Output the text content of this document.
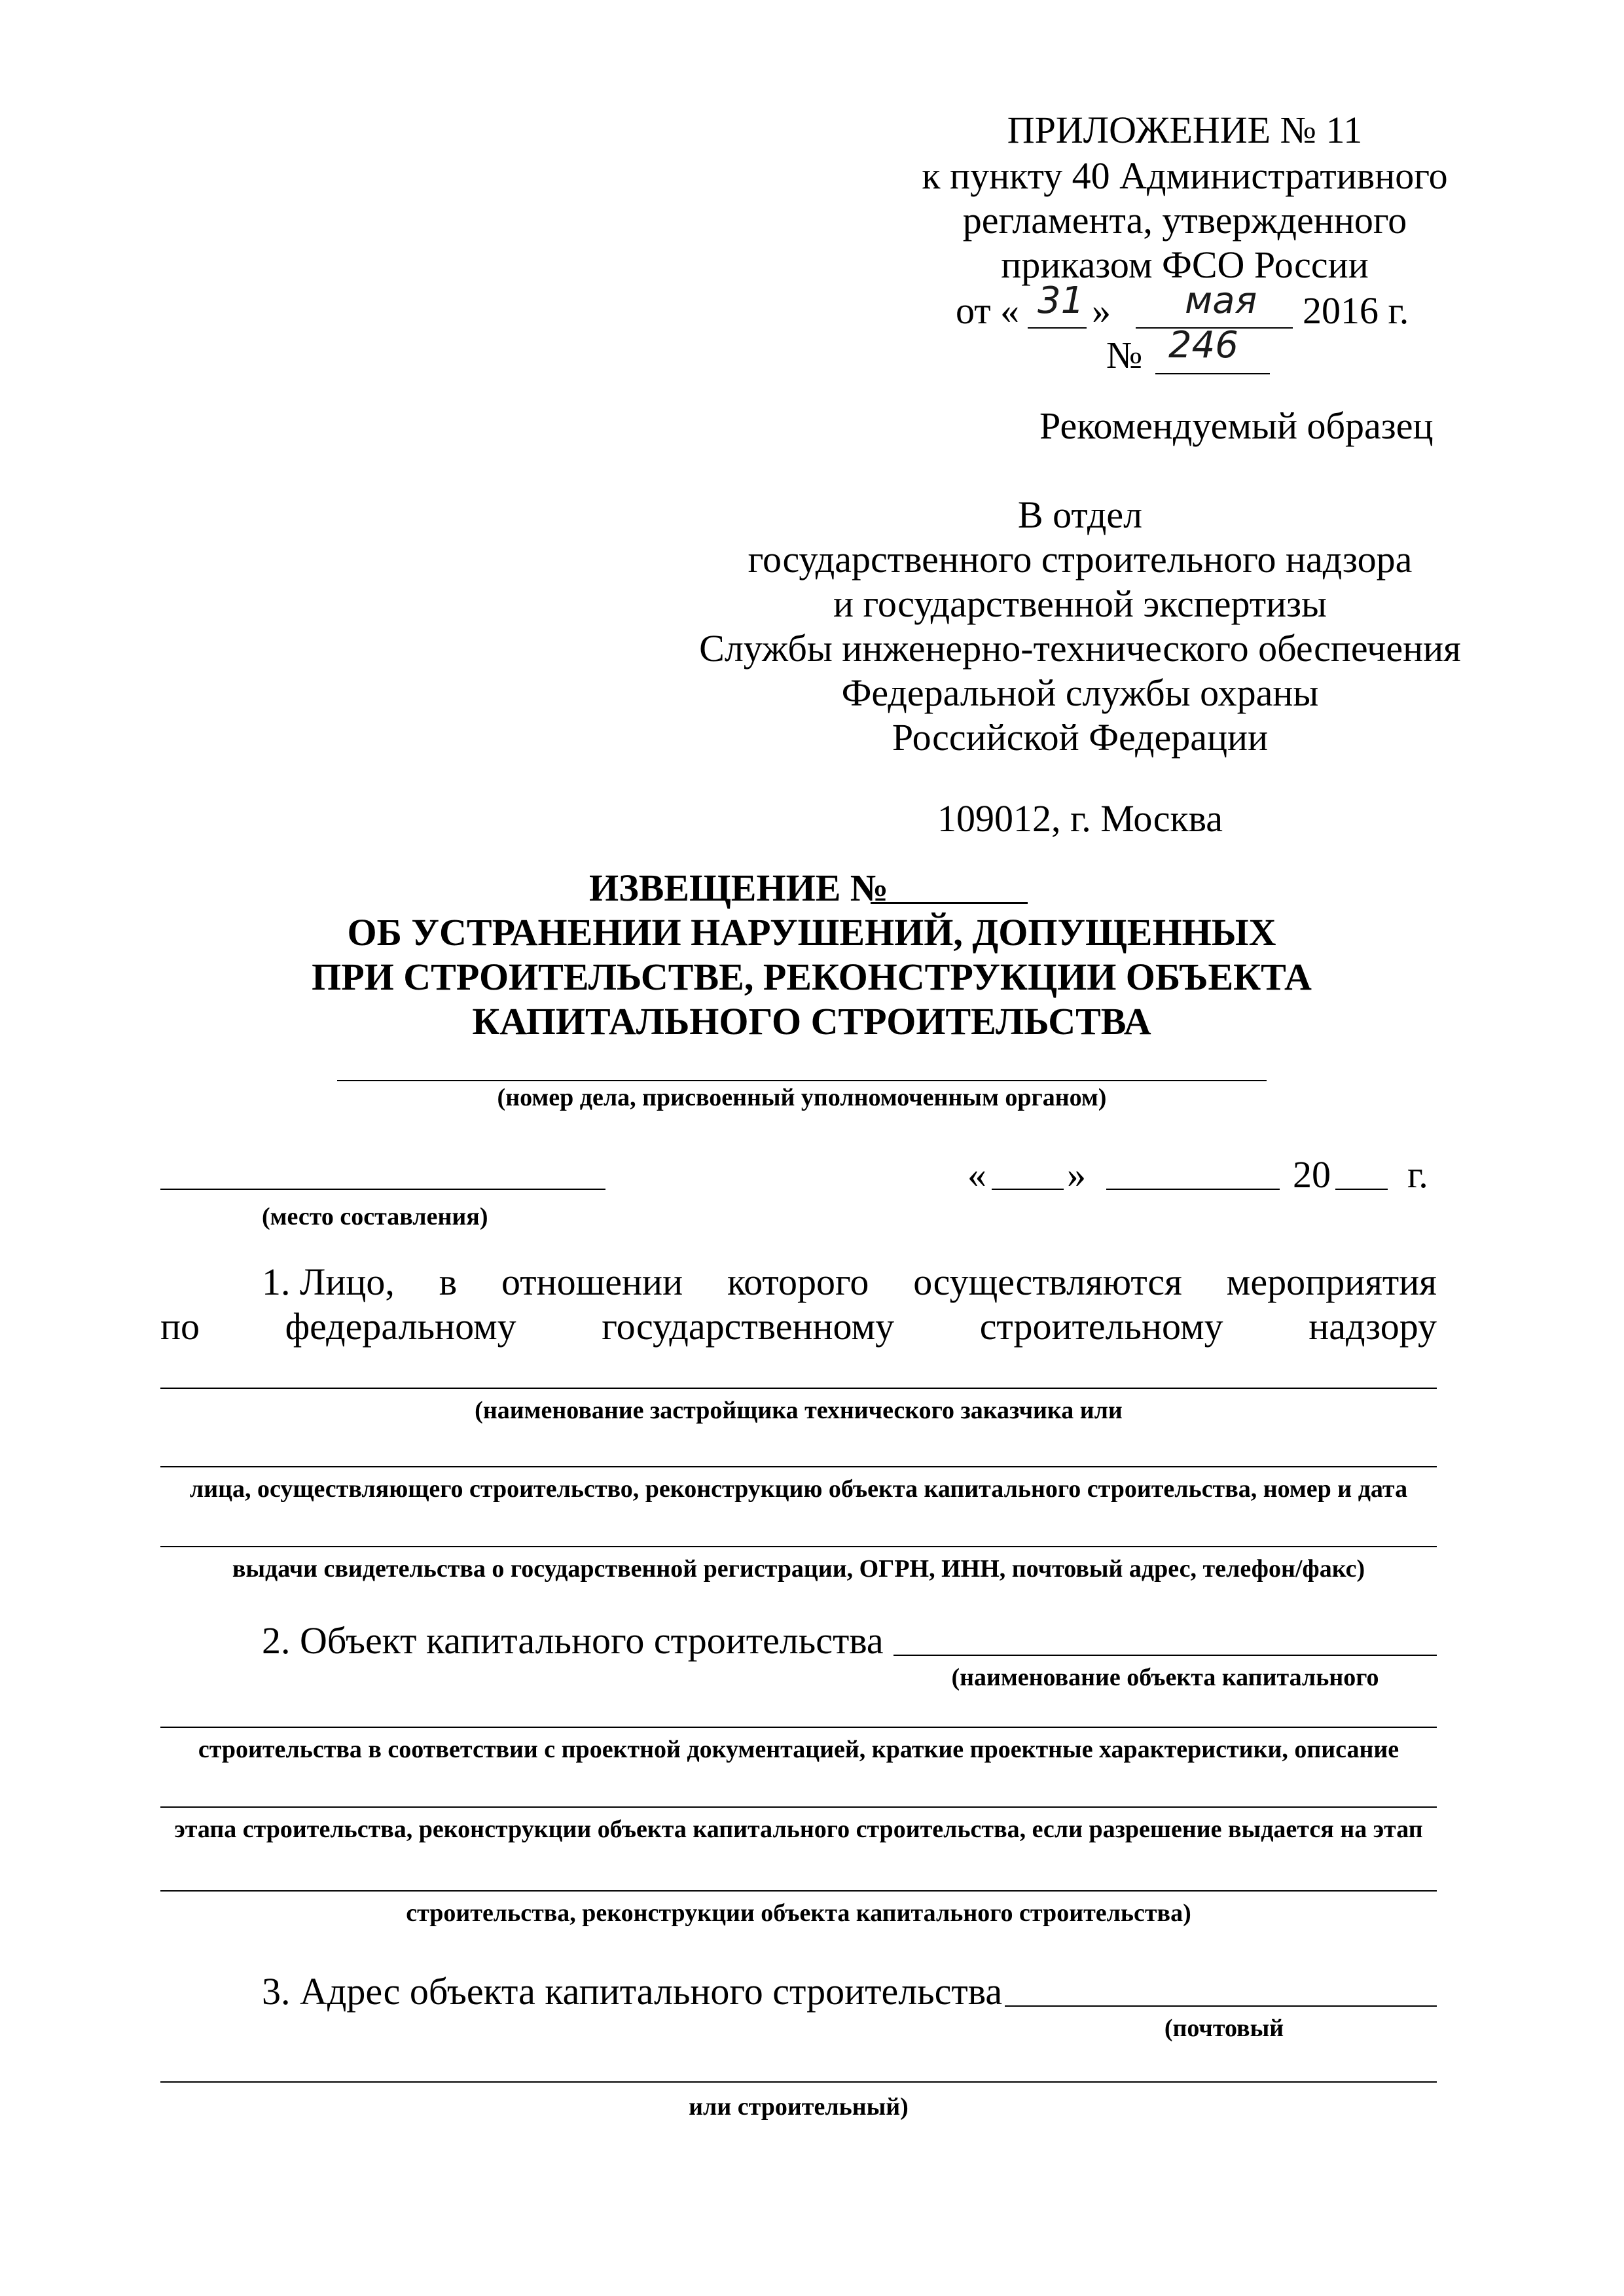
ПРИЛОЖЕНИЕ № 11
к пункту 40 Административного
регламента, утвержденного
приказом ФСО России
от « 31 » мая 2016 г.
№ 246
Рекомендуемый образец
В отдел
государственного строительного надзора
и государственной экспертизы
Службы инженерно-технического обеспечения
Федеральной службы охраны
Российской Федерации
109012, г. Москва
ИЗВЕЩЕНИЕ №
ОБ УСТРАНЕНИИ НАРУШЕНИЙ, ДОПУЩЕННЫХ
ПРИ СТРОИТЕЛЬСТВЕ, РЕКОНСТРУКЦИИ ОБЪЕКТА
КАПИТАЛЬНОГО СТРОИТЕЛЬСТВА
(номер дела, присвоенный уполномоченным органом)
(место составления)
« »	20 г.
1. Лицо, в отношении которого осуществляются мероприятия
по федеральному государственному строительному надзору
(наименование застройщика технического заказчика или
лица, осуществляющего строительство, реконструкцию объекта капитального строительства, номер и дата
выдачи свидетельства о государственной регистрации, ОГРН, ИНН, почтовый адрес, телефон/факс)
2. Объект капитального строительства
(наименование объекта капитального
строительства в соответствии с проектной документацией, краткие проектные характеристики, описание
этапа строительства, реконструкции объекта капитального строительства, если разрешение выдается на этап
строительства, реконструкции объекта капитального строительства)
3. Адрес объекта капитального строительства
(почтовый
или строительный)
